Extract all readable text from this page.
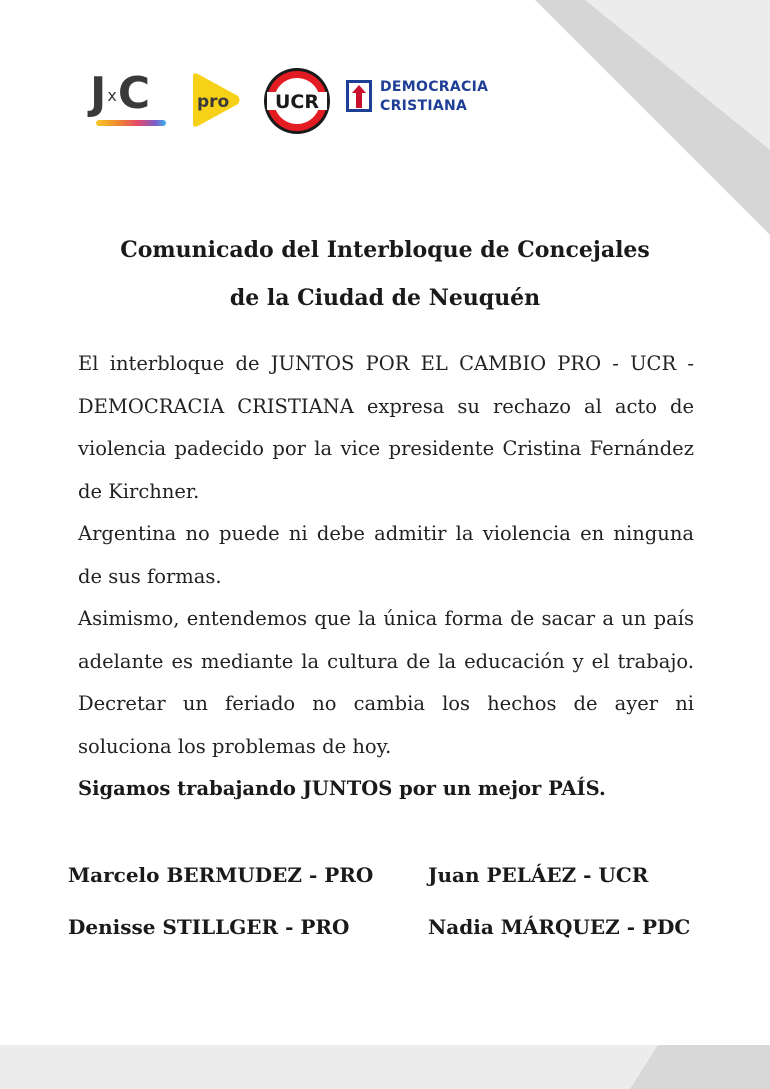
JxC	pro UCR
DEMOCRACIA
CRISTIANA
Comunicado del Interbloque de Concejales
de la Ciudad de Neuquén

El interbloque de JUNTOS POR EL CAMBIO PRO - UCR - DEMOCRACIA CRISTIANA expresa su rechazo al acto de violencia padecido por la vice presidente Cristina Fernández de Kirchner.

Argentina no puede ni debe admitir la violencia en ninguna de sus formas.

Asimismo, entendemos que la única forma de sacar a un país adelante es mediante la cultura de la educación y el trabajo. Decretar un feriado no cambia los hechos de ayer ni soluciona los problemas de hoy.

Sigamos trabajando JUNTOS por un mejor PAÍS.

Marcelo BERMUDEZ - PRO	Juan PELÁEZ - UCR
Denisse STILLGER - PRO	Nadia MÁRQUEZ - PDC
